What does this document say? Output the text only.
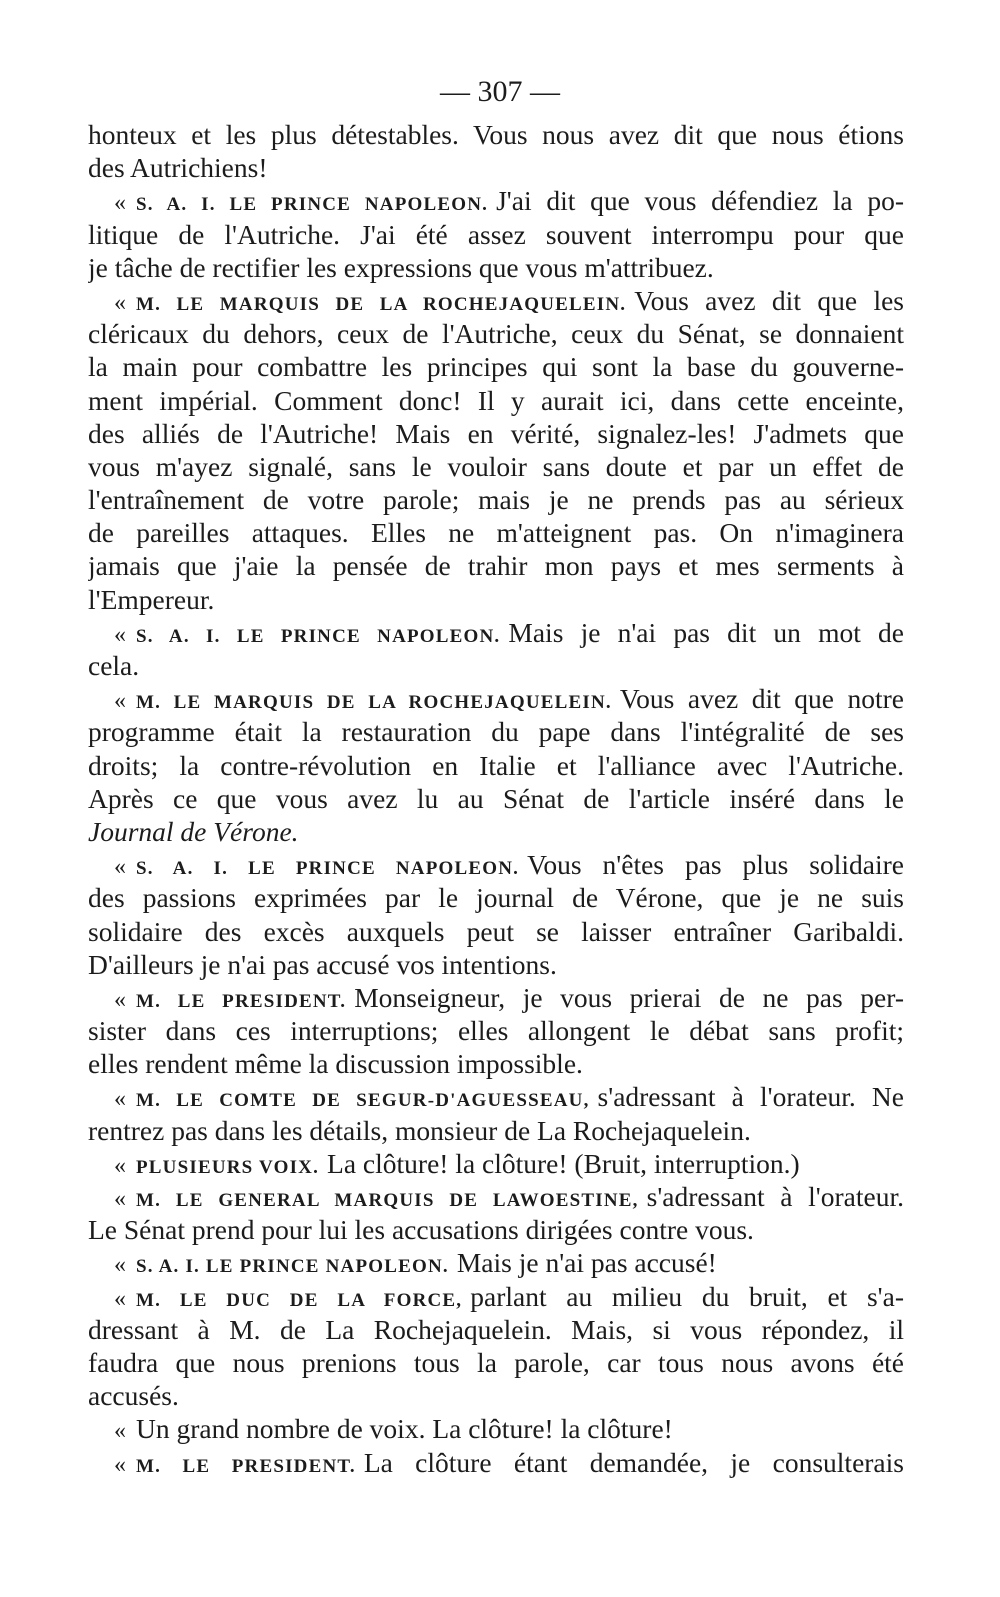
— 307 —
honteux et les plus détestables. Vous nous avez dit que nous étions
des Autrichiens!
« S. A. I. LE PRINCE NAPOLEON. J'ai dit que vous défendiez la po-
litique de l'Autriche. J'ai été assez souvent interrompu pour que
je tâche de rectifier les expressions que vous m'attribuez.
« M. LE MARQUIS DE LA ROCHEJAQUELEIN. Vous avez dit que les
cléricaux du dehors, ceux de l'Autriche, ceux du Sénat, se donnaient
la main pour combattre les principes qui sont la base du gouverne-
ment impérial. Comment donc! Il y aurait ici, dans cette enceinte,
des alliés de l'Autriche! Mais en vérité, signalez-les! J'admets que
vous m'ayez signalé, sans le vouloir sans doute et par un effet de
l'entraînement de votre parole; mais je ne prends pas au sérieux
de pareilles attaques. Elles ne m'atteignent pas. On n'imaginera
jamais que j'aie la pensée de trahir mon pays et mes serments à
l'Empereur.
« S. A. I. LE PRINCE NAPOLEON. Mais je n'ai pas dit un mot de
cela.
« M. LE MARQUIS DE LA ROCHEJAQUELEIN. Vous avez dit que notre
programme était la restauration du pape dans l'intégralité de ses
droits; la contre-révolution en Italie et l'alliance avec l'Autriche.
Après ce que vous avez lu au Sénat de l'article inséré dans le
Journal de Vérone.
« S. A. I. LE PRINCE NAPOLEON. Vous n'êtes pas plus solidaire
des passions exprimées par le journal de Vérone, que je ne suis
solidaire des excès auxquels peut se laisser entraîner Garibaldi.
D'ailleurs je n'ai pas accusé vos intentions.
« M. LE PRESIDENT. Monseigneur, je vous prierai de ne pas per-
sister dans ces interruptions; elles allongent le débat sans profit;
elles rendent même la discussion impossible.
« M. LE COMTE DE SEGUR-D'AGUESSEAU, s'adressant à l'orateur. Ne
rentrez pas dans les détails, monsieur de La Rochejaquelein.
« PLUSIEURS VOIX. La clôture! la clôture! (Bruit, interruption.)
« M. LE GENERAL MARQUIS DE LAWOESTINE, s'adressant à l'orateur.
Le Sénat prend pour lui les accusations dirigées contre vous.
« S. A. I. LE PRINCE NAPOLEON. Mais je n'ai pas accusé!
« M. LE DUC DE LA FORCE, parlant au milieu du bruit, et s'a-
dressant à M. de La Rochejaquelein. Mais, si vous répondez, il
faudra que nous prenions tous la parole, car tous nous avons été
accusés.
« Un grand nombre de voix. La clôture! la clôture!
« M. LE PRESIDENT. La clôture étant demandée, je consulterais
